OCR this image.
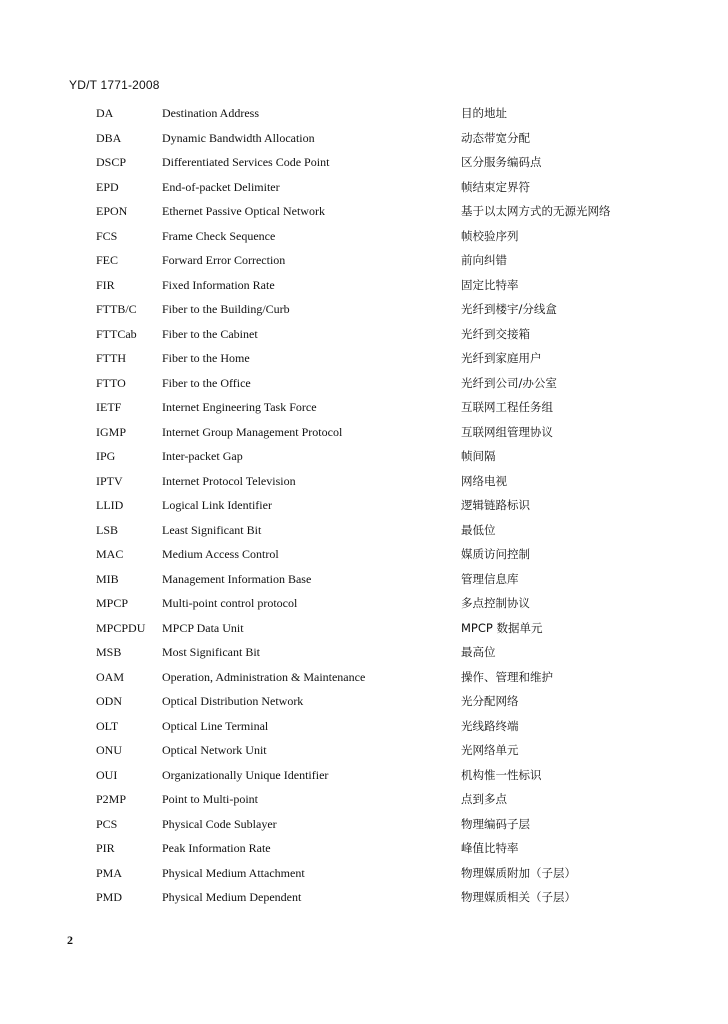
YD/T 1771-2008
DA	Destination Address	目的地址
DBA	Dynamic Bandwidth Allocation	动态带宽分配
DSCP	Differentiated Services Code Point	区分服务编码点
EPD	End-of-packet Delimiter	帧结束定界符
EPON	Ethernet Passive Optical Network	基于以太网方式的无源光网络
FCS	Frame Check Sequence	帧校验序列
FEC	Forward Error Correction	前向纠错
FIR	Fixed Information Rate	固定比特率
FTTB/C Fiber to the Building/Curb	光纤到楼宇/分线盒
FTTCab Fiber to the Cabinet	光纤到交接箱
FTTH	Fiber to the Home	光纤到家庭用户
FTTO	Fiber to the Office	光纤到公司/办公室
IETF	Internet Engineering Task Force	互联网工程任务组
IGMP	Internet Group Management Protocol	互联网组管理协议
IPG	Inter-packet Gap	帧间隔
IPTV	Internet Protocol Television	网络电视
LLID	Logical Link Identifier	逻辑链路标识
LSB	Least Significant Bit	最低位
MAC	Medium Access Control	媒质访问控制
MIB	Management Information Base	管理信息库
MPCP	Multi-point control protocol	多点控制协议
MPCPDU MPCP Data Unit	MPCP 数据单元
MSB	Most Significant Bit	最高位
OAM	Operation, Administration & Maintenance	操作、管理和维护
ODN	Optical Distribution Network	光分配网络
OLT	Optical Line Terminal	光线路终端
ONU	Optical Network Unit	光网络单元
OUI	Organizationally Unique Identifier	机构惟一性标识
P2MP	Point to Multi-point	点到多点
PCS	Physical Code Sublayer	物理编码子层
PIR	Peak Information Rate	峰值比特率
PMA	Physical Medium Attachment	物理媒质附加（子层）
PMD	Physical Medium Dependent	物理媒质相关（子层）
2
